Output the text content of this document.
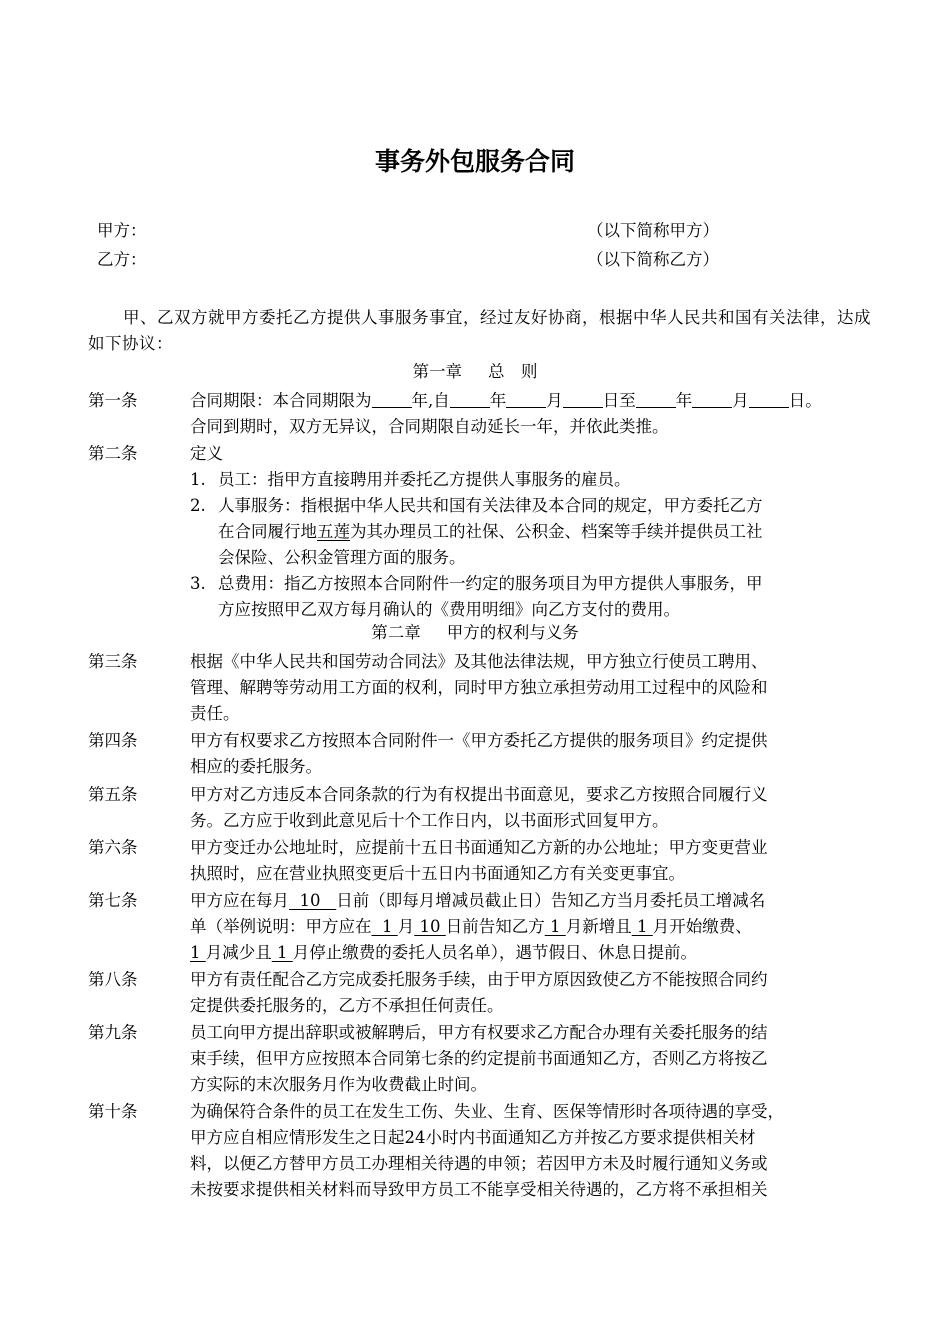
事务外包服务合同
甲方：	（以下简称甲方）
乙方：	（以下简称乙方）
甲、乙双方就甲方委托乙方提供人事服务事宜，经过友好协商，根据中华人民共和国有关法律，达成如下协议：
第一章 总　则
第一条	合同期限：本合同期限为 年,自 年 月 日至 年 月 日。
合同到期时，双方无异议，合同期限自动延长一年，并依此类推。
第二条	定义
1. 员工：指甲方直接聘用并委托乙方提供人事服务的雇员。
2. 人事服务：指根据中华人民共和国有关法律及本合同的规定，甲方委托乙方
在合同履行地五莲为其办理员工的社保、公积金、档案等手续并提供员工社
会保险、公积金管理方面的服务。
3. 总费用：指乙方按照本合同附件一约定的服务项目为甲方提供人事服务，甲
方应按照甲乙双方每月确认的《费用明细》向乙方支付的费用。
第二章 甲方的权利与义务
第三条	根据《中华人民共和国劳动合同法》及其他法律法规，甲方独立行使员工聘用、
管理、解聘等劳动用工方面的权利，同时甲方独立承担劳动用工过程中的风险和
责任。
第四条	甲方有权要求乙方按照本合同附件一《甲方委托乙方提供的服务项目》约定提供
相应的委托服务。
第五条	甲方对乙方违反本合同条款的行为有权提出书面意见，要求乙方按照合同履行义
务。乙方应于收到此意见后十个工作日内，以书面形式回复甲方。
第六条	甲方变迁办公地址时，应提前十五日书面通知乙方新的办公地址；甲方变更营业
执照时，应在营业执照变更后十五日内书面通知乙方有关变更事宜。
第七条	甲方应在每月 10 日前（即每月增减员截止日）告知乙方当月委托员工增减名
单（举例说明：甲方应在 1 月 10 日前告知乙方 1 月新增且 1 月开始缴费、
1 月减少且 1 月停止缴费的委托人员名单），遇节假日、休息日提前。
第八条	甲方有责任配合乙方完成委托服务手续，由于甲方原因致使乙方不能按照合同约
定提供委托服务的，乙方不承担任何责任。
第九条	员工向甲方提出辞职或被解聘后，甲方有权要求乙方配合办理有关委托服务的结
束手续，但甲方应按照本合同第七条的约定提前书面通知乙方，否则乙方将按乙
方实际的末次服务月作为收费截止时间。
第十条	为确保符合条件的员工在发生工伤、失业、生育、医保等情形时各项待遇的享受，
甲方应自相应情形发生之日起24小时内书面通知乙方并按乙方要求提供相关材
料，以便乙方替甲方员工办理相关待遇的申领；若因甲方未及时履行通知义务或
未按要求提供相关材料而导致甲方员工不能享受相关待遇的，乙方将不承担相关
